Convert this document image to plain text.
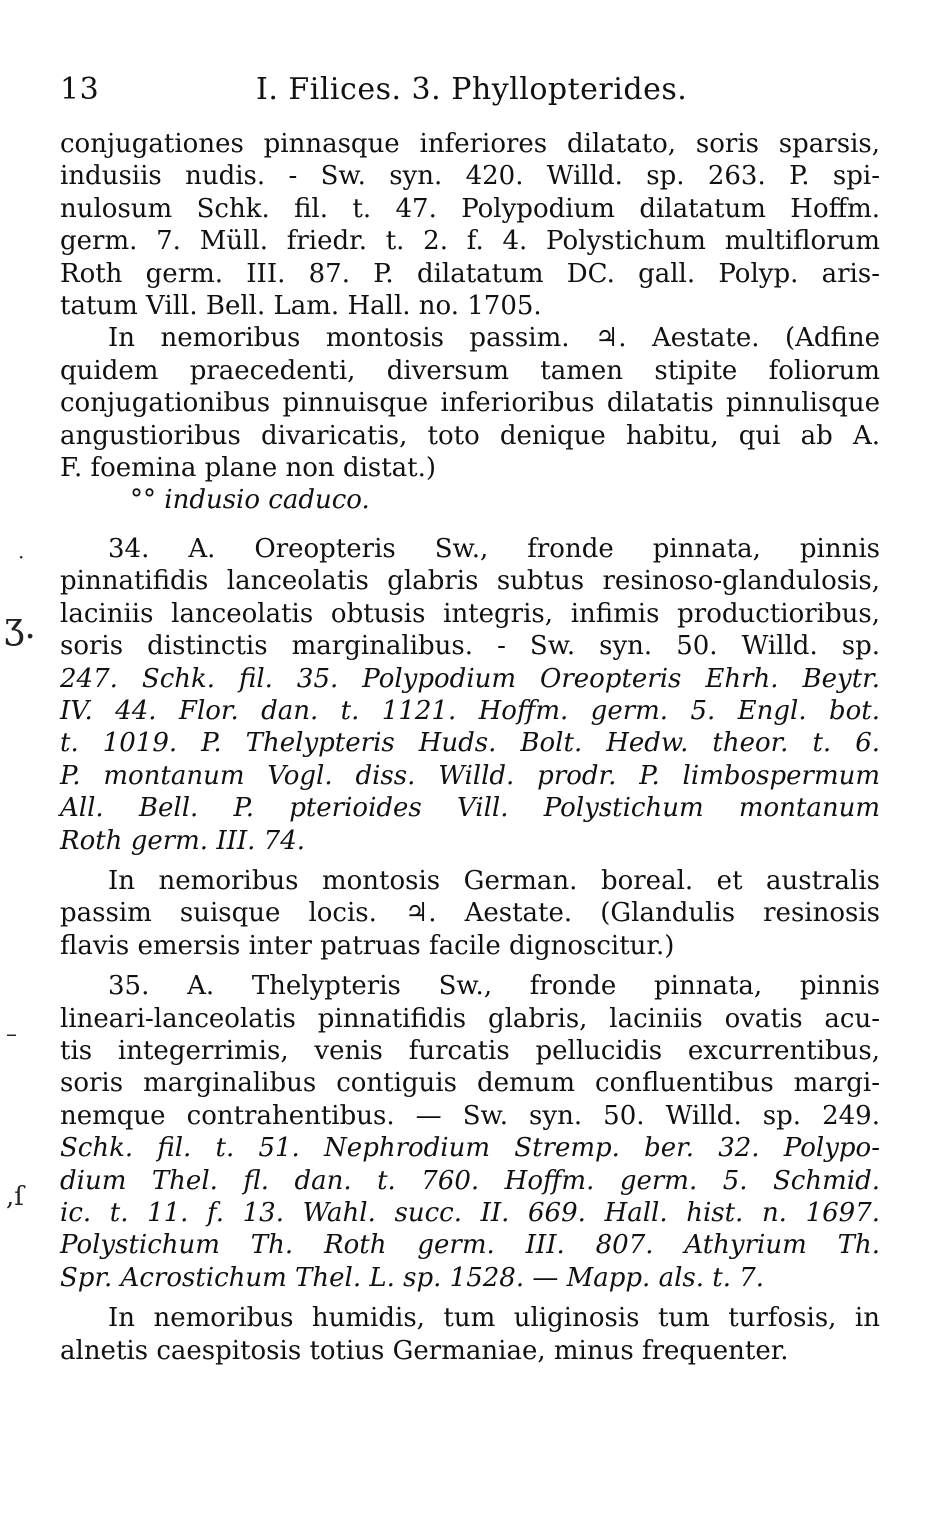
ʒ.
,ſ
·
–
13	I. Filices. 3. Phyllopterides.
conjugationes pinnasque inferiores dilatato, soris sparsis,
indusiis nudis. - Sw. syn. 420. Willd. sp. 263. P. spi-
nulosum Schk. fil. t. 47. Polypodium dilatatum Hoffm.
germ. 7. Müll. friedr. t. 2. f. 4. Polystichum multiflorum
Roth germ. III. 87. P. dilatatum DC. gall. Polyp. aris-
tatum Vill. Bell. Lam. Hall. no. 1705.
In nemoribus montosis passim. ♃. Aestate. (Adfine
quidem praecedenti, diversum tamen stipite foliorum
conjugationibus pinnuisque inferioribus dilatatis pinnulisque
angustioribus divaricatis, toto denique habitu, qui ab A.
F. foemina plane non distat.)
°° indusio caduco.
34. A. Oreopteris Sw., fronde pinnata, pinnis
pinnatifidis lanceolatis glabris subtus resinoso-glandulosis,
laciniis lanceolatis obtusis integris, infimis productioribus,
soris distinctis marginalibus. - Sw. syn. 50. Willd. sp.
247. Schk. fil. 35. Polypodium Oreopteris Ehrh. Beytr.
IV. 44. Flor. dan. t. 1121. Hoffm. germ. 5. Engl. bot.
t. 1019. P. Thelypteris Huds. Bolt. Hedw. theor. t. 6.
P. montanum Vogl. diss. Willd. prodr. P. limbospermum
All. Bell. P. pterioides Vill. Polystichum montanum
Roth germ. III. 74.
In nemoribus montosis German. boreal. et australis
passim suisque locis. ♃. Aestate. (Glandulis resinosis
flavis emersis inter patruas facile dignoscitur.)
35. A. Thelypteris Sw., fronde pinnata, pinnis
lineari-lanceolatis pinnatifidis glabris, laciniis ovatis acu-
tis integerrimis, venis furcatis pellucidis excurrentibus,
soris marginalibus contiguis demum confluentibus margi-
nemque contrahentibus. — Sw. syn. 50. Willd. sp. 249.
Schk. fil. t. 51. Nephrodium Stremp. ber. 32. Polypo-
dium Thel. fl. dan. t. 760. Hoffm. germ. 5. Schmid.
ic. t. 11. f. 13. Wahl. succ. II. 669. Hall. hist. n. 1697.
Polystichum Th. Roth germ. III. 807. Athyrium Th.
Spr. Acrostichum Thel. L. sp. 1528. — Mapp. als. t. 7.
In nemoribus humidis, tum uliginosis tum turfosis, in
alnetis caespitosis totius Germaniae, minus frequenter.
